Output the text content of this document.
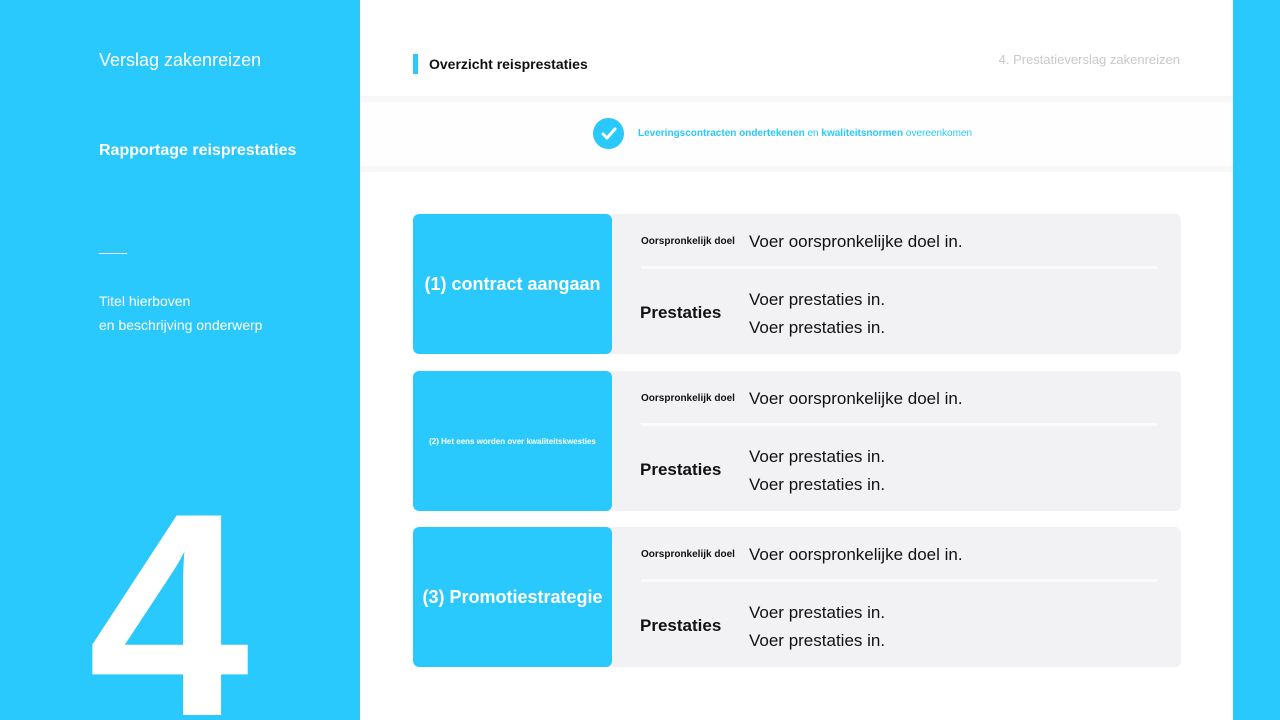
Verslag zakenreizen
Rapportage reisprestaties
Titel hierboven
en beschrijving onderwerp
4
Overzicht reisprestaties	4. Prestatieverslag zakenreizen
Leveringscontracten ondertekenen en kwaliteitsnormen overeenkomen
(1) contract aangaan
Oorspronkelijk doel Voer oorspronkelijke doel in.
Prestaties
Voer prestaties in.
Voer prestaties in.
(2) Het eens worden over kwaliteitskwesties
Oorspronkelijk doel Voer oorspronkelijke doel in.
Prestaties
Voer prestaties in.
Voer prestaties in.
(3) Promotiestrategie
Oorspronkelijk doel Voer oorspronkelijke doel in.
Prestaties
Voer prestaties in.
Voer prestaties in.
